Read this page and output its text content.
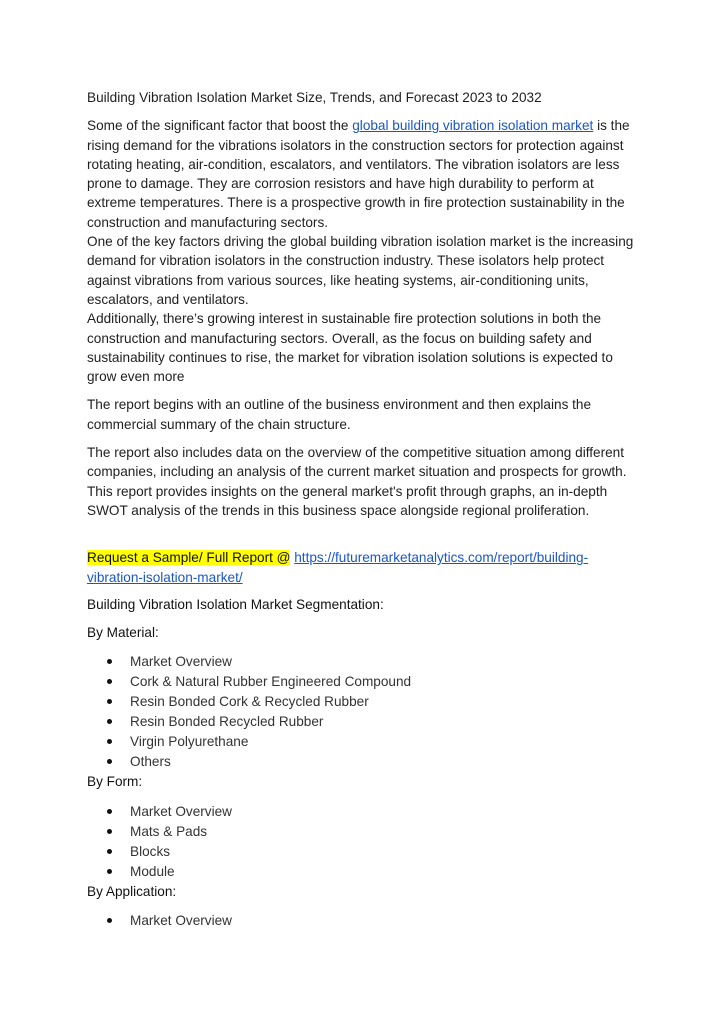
Building Vibration Isolation Market Size, Trends, and Forecast 2023 to 2032

Some of the significant factor that boost the global building vibration isolation market is the rising demand for the vibrations isolators in the construction sectors for protection against rotating heating, air-condition, escalators, and ventilators. The vibration isolators are less prone to damage. They are corrosion resistors and have high durability to perform at extreme temperatures. There is a prospective growth in fire protection sustainability in the construction and manufacturing sectors.

One of the key factors driving the global building vibration isolation market is the increasing demand for vibration isolators in the construction industry. These isolators help protect against vibrations from various sources, like heating systems, air-conditioning units, escalators, and ventilators.

Additionally, there’s growing interest in sustainable fire protection solutions in both the construction and manufacturing sectors. Overall, as the focus on building safety and sustainability continues to rise, the market for vibration isolation solutions is expected to grow even more

The report begins with an outline of the business environment and then explains the commercial summary of the chain structure.

The report also includes data on the overview of the competitive situation among different companies, including an analysis of the current market situation and prospects for growth. This report provides insights on the general market's profit through graphs, an in-depth SWOT analysis of the trends in this business space alongside regional proliferation.

Request a Sample/ Full Report @ https://futuremarketanalytics.com/report/building-vibration-isolation-market/

Building Vibration Isolation Market Segmentation:

By Material:

Market Overview
Cork & Natural Rubber Engineered Compound
Resin Bonded Cork & Recycled Rubber
Resin Bonded Recycled Rubber
Virgin Polyurethane
Others

By Form:

Market Overview
Mats & Pads
Blocks
Module

By Application:

Market Overview
